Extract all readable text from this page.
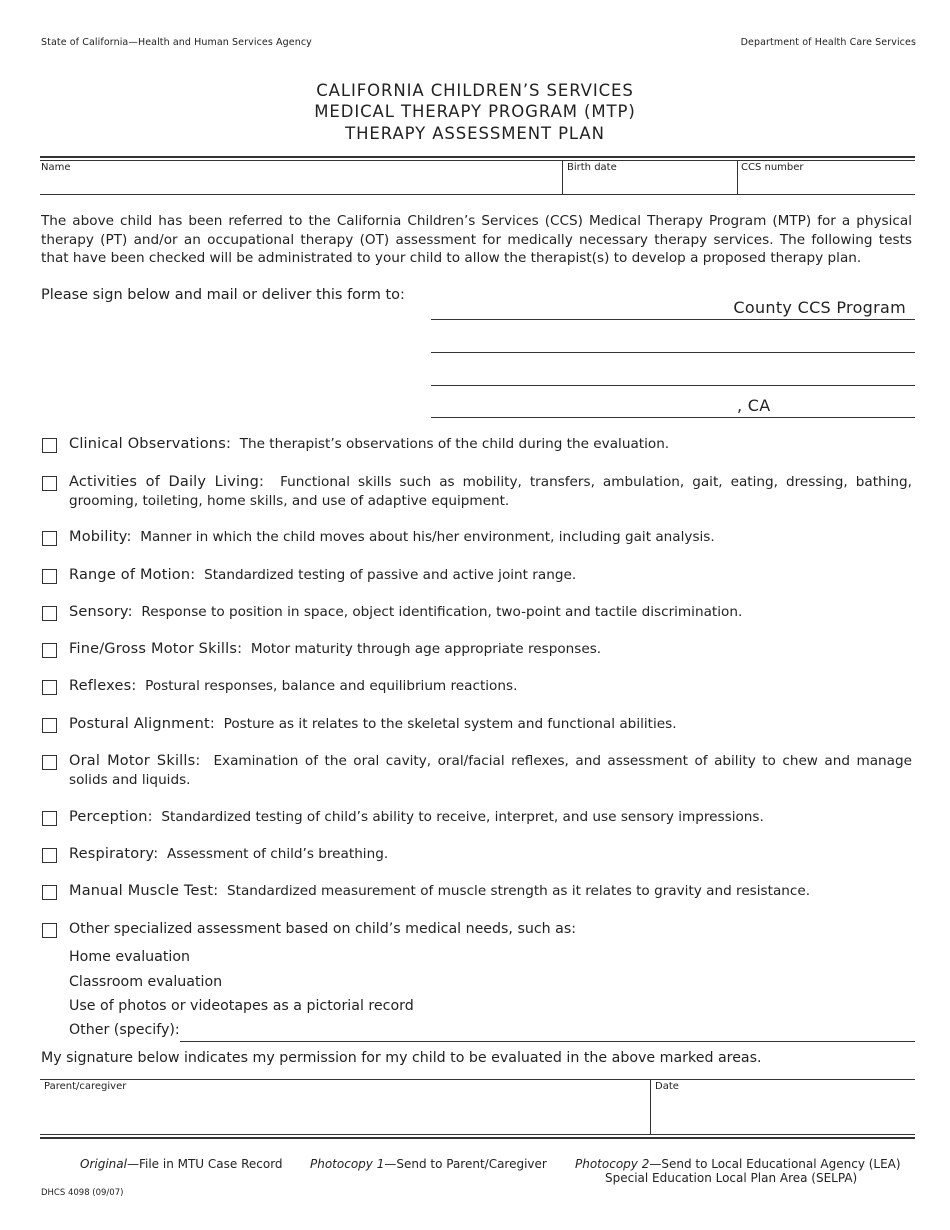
State of California—Health and Human Services Agency	Department of Health Care Services
CALIFORNIA CHILDREN’S SERVICES
MEDICAL THERAPY PROGRAM (MTP)
THERAPY ASSESSMENT PLAN
Name	Birth date	CCS number
The above child has been referred to the California Children’s Services (CCS) Medical Therapy Program (MTP) for a physical therapy (PT) and/or an occupational therapy (OT) assessment for medically necessary therapy services. The following tests that have been checked will be administrated to your child to allow the therapist(s) to develop a proposed therapy plan.
Please sign below and mail or deliver this form to:
County CCS Program
, CA
Clinical Observations: The therapist’s observations of the child during the evaluation.
Activities of Daily Living: Functional skills such as mobility, transfers, ambulation, gait, eating, dressing, bathing, grooming, toileting, home skills, and use of adaptive equipment.
Mobility: Manner in which the child moves about his/her environment, including gait analysis.
Range of Motion: Standardized testing of passive and active joint range.
Sensory: Response to position in space, object identification, two-point and tactile discrimination.
Fine/Gross Motor Skills: Motor maturity through age appropriate responses.
Reflexes: Postural responses, balance and equilibrium reactions.
Postural Alignment: Posture as it relates to the skeletal system and functional abilities.
Oral Motor Skills: Examination of the oral cavity, oral/facial reflexes, and assessment of ability to chew and manage solids and liquids.
Perception: Standardized testing of child’s ability to receive, interpret, and use sensory impressions.
Respiratory: Assessment of child’s breathing.
Manual Muscle Test: Standardized measurement of muscle strength as it relates to gravity and resistance.
Other specialized assessment based on child’s medical needs, such as:
Home evaluation
Classroom evaluation
Use of photos or videotapes as a pictorial record
Other (specify):
My signature below indicates my permission for my child to be evaluated in the above marked areas.
Parent/caregiver	Date
Original—File in MTU Case Record Photocopy 1—Send to Parent/Caregiver Photocopy 2—Send to Local Educational Agency (LEA)
Special Education Local Plan Area (SELPA)
DHCS 4098 (09/07)
